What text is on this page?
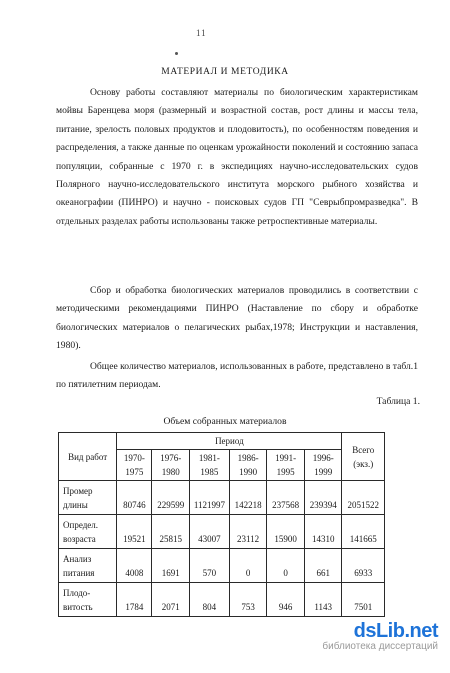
11
МАТЕРИАЛ И МЕТОДИКА

Основу работы составляют материалы по биологическим характеристикам мойвы Баренцева моря (размерный и возрастной состав, рост длины и массы тела, питание, зрелость половых продуктов и плодовитость), по особенностям поведения и распределения, а также данные по оценкам урожайности поколений и состоянию запаса популяции, собранные с 1970 г. в экспедициях научно-исследовательских судов Полярного научно-исследовательского института морского рыбного хозяйства и океанографии (ПИНРО) и научно - поисковых судов ГП "Севрыбпромразведка". В отдельных разделах работы использованы также ретроспективные материалы.

Сбор и обработка биологических материалов проводились в соответствии с методическими рекомендациями ПИНРО (Наставление по сбору и обработке биологических материалов о пелагических рыбах,1978; Инструкции и наставления, 1980).

Общее количество материалов, использованных в работе, представлено в табл.1 по пятилетним периодам.

Таблица 1.
Объем собранных материалов
Вид работ	Период						Всего (экз.)
	1970-1975	1976-1980	1981-1985	1986-1990	1991-1995	1996-1999	
Промер длины	80746	229599	1121997	142218	237568	239394	2051522
Определ. возраста	19521	25815	43007	23112	15900	14310	141665
Анализ питания	4008	1691	570	0	0	661	6933
Плодо-витость	1784	2071	804	753	946	1143	7501
dsLib.net
библиотека диссертаций
